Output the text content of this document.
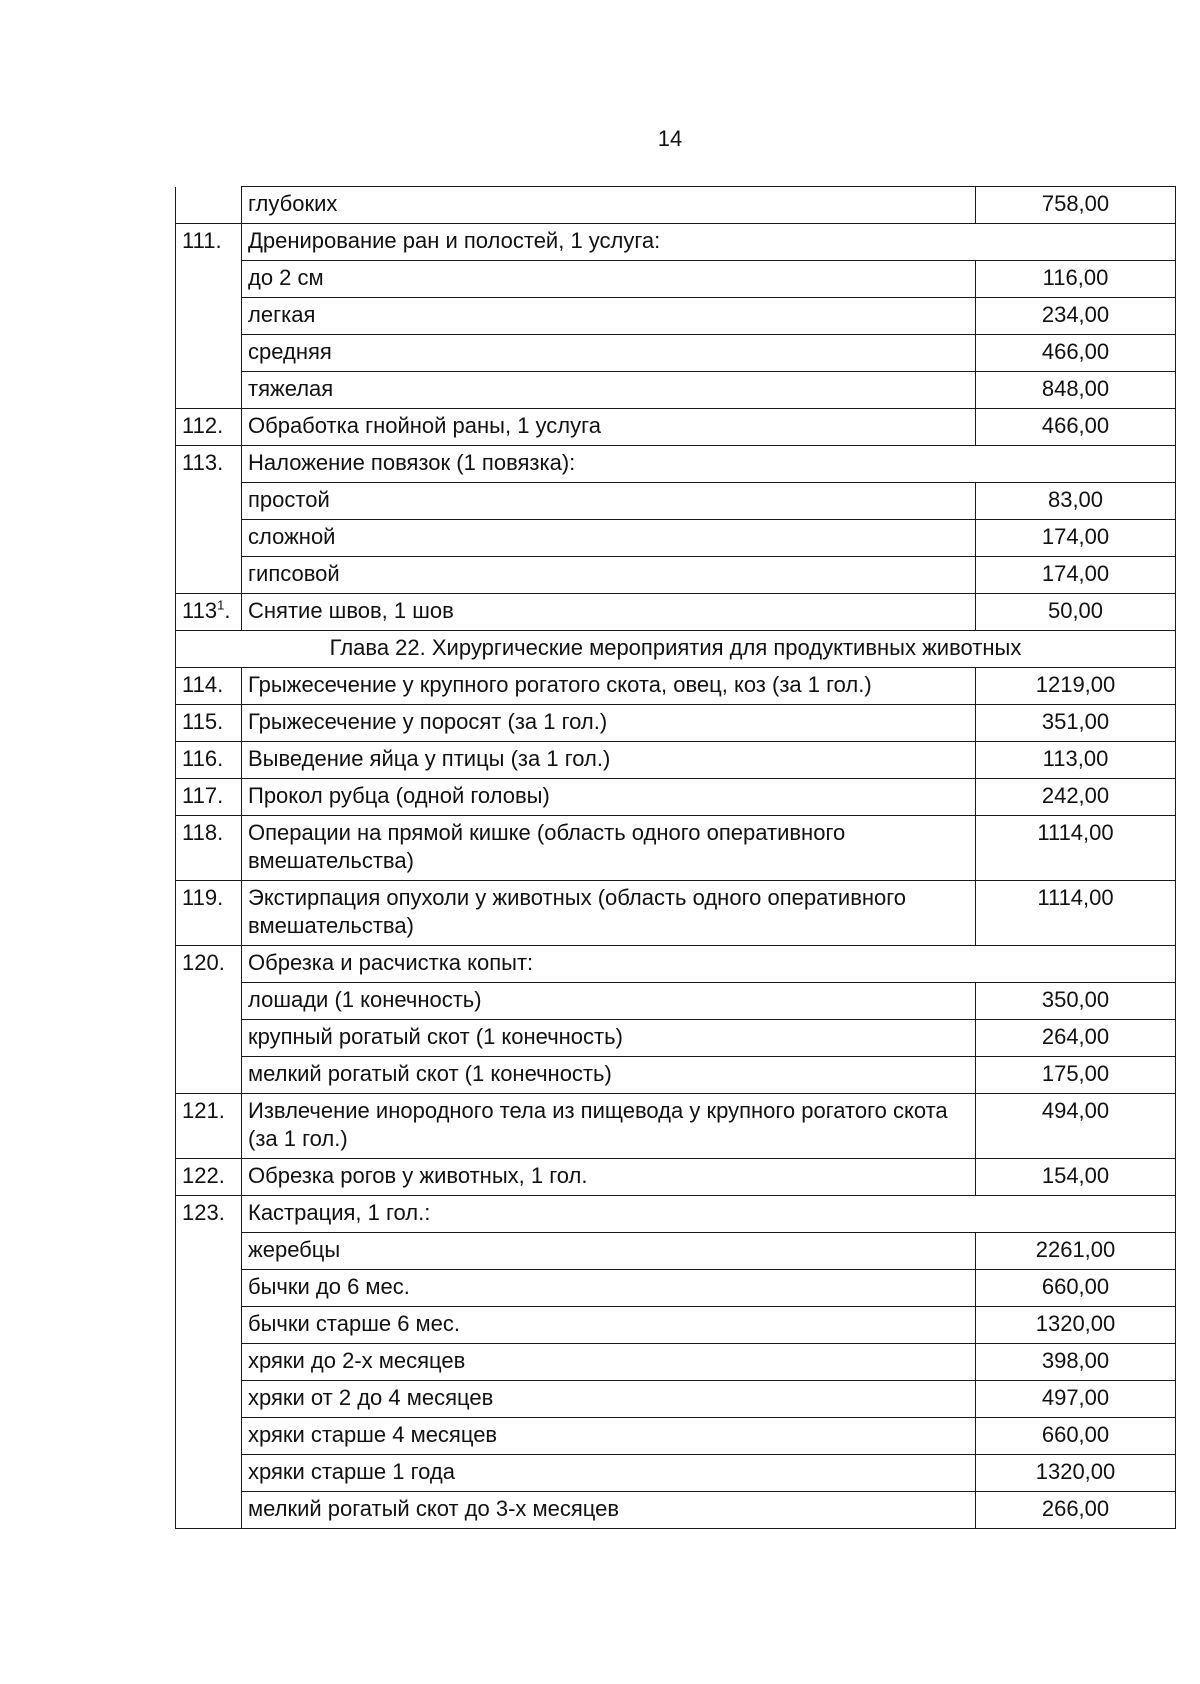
14
	глубоких	758,00
111.	Дренирование ран и полостей, 1 услуга:	
	до 2 см	116,00
	легкая	234,00
	средняя	466,00
	тяжелая	848,00
112.	Обработка гнойной раны, 1 услуга	466,00
113.	Наложение повязок (1 повязка):	
	простой	83,00
	сложной	174,00
	гипсовой	174,00
$113^1$.	Снятие швов, 1 шов	50,00
Глава 22. Хирургические мероприятия для продуктивных животных		
114.	Грыжесечение у крупного рогатого скота, овец, коз (за 1 гол.)	1219,00
115.	Грыжесечение у поросят (за 1 гол.)	351,00
116.	Выведение яйца у птицы (за 1 гол.)	113,00
117.	Прокол рубца (одной головы)	242,00
118.	Операции на прямой кишке (область одного оперативного вмешательства)	1114,00
119.	Экстирпация опухоли у животных (область одного оперативного вмешательства)	1114,00
120.	Обрезка и расчистка копыт:	
	лошади (1 конечность)	350,00
	крупный рогатый скот (1 конечность)	264,00
	мелкий рогатый скот (1 конечность)	175,00
121.	Извлечение инородного тела из пищевода у крупного рогатого скота (за 1 гол.)	494,00
122.	Обрезка рогов у животных, 1 гол.	154,00
123.	Кастрация, 1 гол.:	
	жеребцы	2261,00
	бычки до 6 мес.	660,00
	бычки старше 6 мес.	1320,00
	хряки до 2-х месяцев	398,00
	хряки от 2 до 4 месяцев	497,00
	хряки старше 4 месяцев	660,00
	хряки старше 1 года	1320,00
	мелкий рогатый скот до 3-х месяцев	266,00
